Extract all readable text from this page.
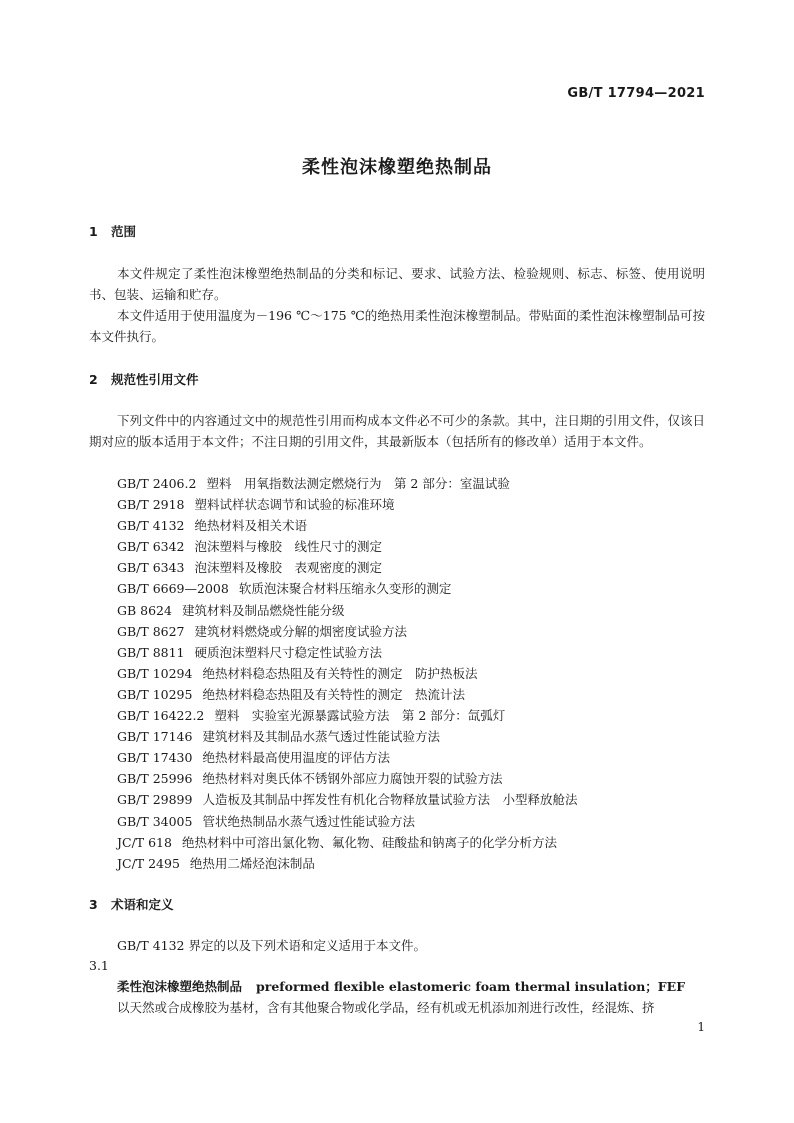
GB/T 17794—2021
柔性泡沫橡塑绝热制品
1 范围
本文件规定了柔性泡沫橡塑绝热制品的分类和标记、要求、试验方法、检验规则、标志、标签、使用说明书、包装、运输和贮存。
本文件适用于使用温度为－196 ℃～175 ℃的绝热用柔性泡沫橡塑制品。带贴面的柔性泡沫橡塑制品可按本文件执行。
2 规范性引用文件
下列文件中的内容通过文中的规范性引用而构成本文件必不可少的条款。其中，注日期的引用文件，仅该日期对应的版本适用于本文件；不注日期的引用文件，其最新版本（包括所有的修改单）适用于本文件。
GB/T 2406.2 塑料　用氧指数法测定燃烧行为　第 2 部分：室温试验
GB/T 2918 塑料试样状态调节和试验的标准环境
GB/T 4132 绝热材料及相关术语
GB/T 6342 泡沫塑料与橡胶　线性尺寸的测定
GB/T 6343 泡沫塑料及橡胶　表观密度的测定
GB/T 6669—2008 软质泡沫聚合材料压缩永久变形的测定
GB 8624 建筑材料及制品燃烧性能分级
GB/T 8627 建筑材料燃烧或分解的烟密度试验方法
GB/T 8811 硬质泡沫塑料尺寸稳定性试验方法
GB/T 10294 绝热材料稳态热阻及有关特性的测定　防护热板法
GB/T 10295 绝热材料稳态热阻及有关特性的测定　热流计法
GB/T 16422.2 塑料　实验室光源暴露试验方法　第 2 部分：氙弧灯
GB/T 17146 建筑材料及其制品水蒸气透过性能试验方法
GB/T 17430 绝热材料最高使用温度的评估方法
GB/T 25996 绝热材料对奥氏体不锈钢外部应力腐蚀开裂的试验方法
GB/T 29899 人造板及其制品中挥发性有机化合物释放量试验方法　小型释放舱法
GB/T 34005 管状绝热制品水蒸气透过性能试验方法
JC/T 618 绝热材料中可溶出氯化物、氟化物、硅酸盐和钠离子的化学分析方法
JC/T 2495 绝热用二烯烃泡沫制品
3 术语和定义
GB/T 4132 界定的以及下列术语和定义适用于本文件。
3.1
柔性泡沫橡塑绝热制品 preformed flexible elastomeric foam thermal insulation；FEF
以天然或合成橡胶为基材，含有其他聚合物或化学品，经有机或无机添加剂进行改性，经混炼、挤
1
